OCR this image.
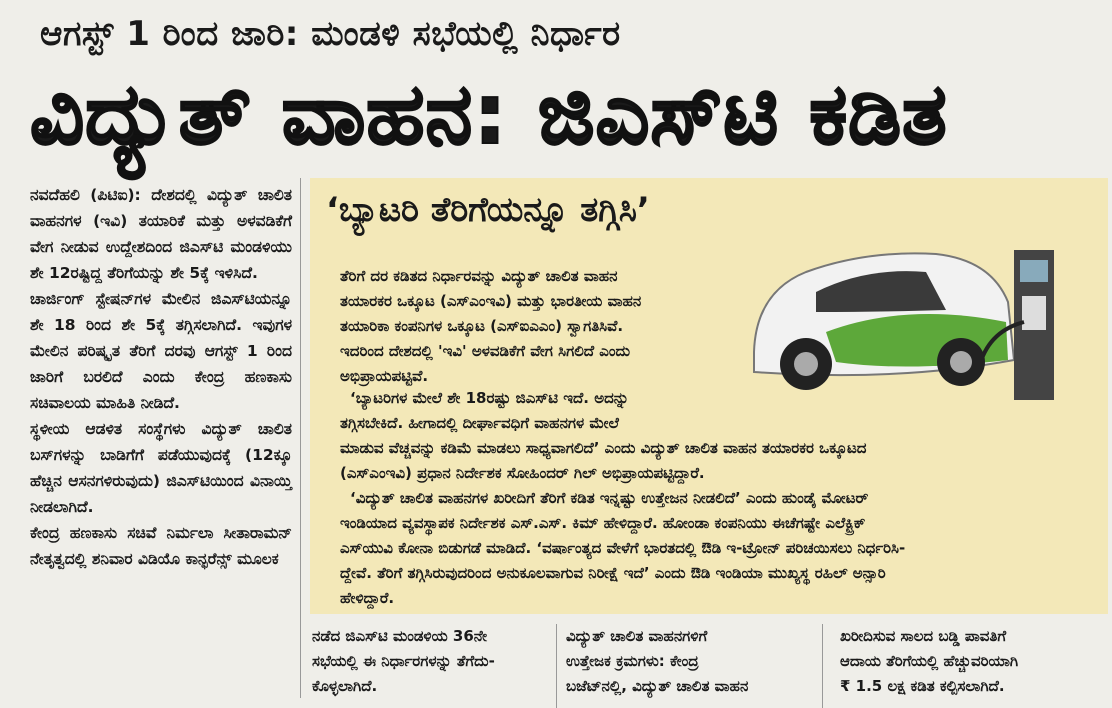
ಆಗಸ್ಟ್ 1 ರಿಂದ ಜಾರಿ: ಮಂಡಳಿ ಸಭೆಯಲ್ಲಿ ನಿರ್ಧಾರ
ವಿದ್ಯುತ್ ವಾಹನ: ಜಿಎಸ್‌ಟಿ ಕಡಿತ

ನವದೆಹಲಿ (ಪಿಟಿಐ): ದೇಶದಲ್ಲಿ ವಿದ್ಯುತ್ ಚಾಲಿತ ವಾಹನಗಳ (ಇವಿ) ತಯಾರಿಕೆ ಮತ್ತು ಅಳವಡಿಕೆಗೆ ವೇಗ ನೀಡುವ ಉದ್ದೇಶದಿಂದ ಜಿಎಸ್‌ಟಿ ಮಂಡಳಿಯು ಶೇ 12ರಷ್ಟಿದ್ದ ತೆರಿಗೆಯನ್ನು ಶೇ 5ಕ್ಕೆ ಇಳಿಸಿದೆ.

ಚಾರ್ಜಿಂಗ್ ಸ್ಟೇಷನ್‌ಗಳ ಮೇಲಿನ ಜಿಎಸ್‌ಟಿಯನ್ನೂ ಶೇ 18 ರಿಂದ ಶೇ 5ಕ್ಕೆ ತಗ್ಗಿಸಲಾಗಿದೆ. ಇವುಗಳ ಮೇಲಿನ ಪರಿಷ್ಕೃತ ತೆರಿಗೆ ದರವು ಆಗಸ್ಟ್ 1 ರಿಂದ ಜಾರಿಗೆ ಬರಲಿದೆ ಎಂದು ಕೇಂದ್ರ ಹಣಕಾಸು ಸಚಿವಾಲಯ ಮಾಹಿತಿ ನೀಡಿದೆ.

ಸ್ಥಳೀಯ ಆಡಳಿತ ಸಂಸ್ಥೆಗಳು ವಿದ್ಯುತ್ ಚಾಲಿತ ಬಸ್‌ಗಳನ್ನು ಬಾಡಿಗೆಗೆ ಪಡೆಯುವುದಕ್ಕೆ (12ಕ್ಕೂ ಹೆಚ್ಚಿನ ಆಸನಗಳಿರುವುದು) ಜಿಎಸ್‌ಟಿಯಿಂದ ವಿನಾಯ್ತಿ ನೀಡಲಾಗಿದೆ.

ಕೇಂದ್ರ ಹಣಕಾಸು ಸಚಿವೆ ನಿರ್ಮಲಾ ಸೀತಾರಾಮನ್ ನೇತೃತ್ವದಲ್ಲಿ ಶನಿವಾರ ವಿಡಿಯೊ ಕಾನ್ಫರೆನ್ಸ್ ಮೂಲಕ

‘ಬ್ಯಾಟರಿ ತೆರಿಗೆಯನ್ನೂ ತಗ್ಗಿಸಿ’
ತೆರಿಗೆ ದರ ಕಡಿತದ ನಿರ್ಧಾರವನ್ನು ವಿದ್ಯುತ್ ಚಾಲಿತ ವಾಹನ
ತಯಾರಕರ ಒಕ್ಕೂಟ (ಎಸ್‌ಎಂಇವಿ) ಮತ್ತು ಭಾರತೀಯ ವಾಹನ
ತಯಾರಿಕಾ ಕಂಪನಿಗಳ ಒಕ್ಕೂಟ (ಎಸ್‌ಐಎಎಂ) ಸ್ವಾಗತಿಸಿವೆ.
ಇದರಿಂದ ದೇಶದಲ್ಲಿ 'ಇವಿ' ಅಳವಡಿಕೆಗೆ ವೇಗ ಸಿಗಲಿದೆ ಎಂದು
ಅಭಿಪ್ರಾಯಪಟ್ಟಿವೆ.
‘ಬ್ಯಾಟರಿಗಳ ಮೇಲೆ ಶೇ 18ರಷ್ಟು ಜಿಎಸ್‌ಟಿ ಇದೆ. ಅದನ್ನು
ತಗ್ಗಿಸಬೇಕಿದೆ. ಹೀಗಾದಲ್ಲಿ ದೀರ್ಘಾವಧಿಗೆ ವಾಹನಗಳ ಮೇಲೆ
ಮಾಡುವ ವೆಚ್ಚವನ್ನು ಕಡಿಮೆ ಮಾಡಲು ಸಾಧ್ಯವಾಗಲಿದೆ’ ಎಂದು ವಿದ್ಯುತ್ ಚಾಲಿತ ವಾಹನ ತಯಾರಕರ ಒಕ್ಕೂಟದ
(ಎಸ್‌ಎಂಇವಿ) ಪ್ರಧಾನ ನಿರ್ದೇಶಕ ಸೋಹಿಂದರ್ ಗಿಲ್ ಅಭಿಪ್ರಾಯಪಟ್ಟಿದ್ದಾರೆ.
‘ವಿದ್ಯುತ್ ಚಾಲಿತ ವಾಹನಗಳ ಖರೀದಿಗೆ ತೆರಿಗೆ ಕಡಿತ ಇನ್ನಷ್ಟು ಉತ್ತೇಜನ ನೀಡಲಿದೆ’ ಎಂದು ಹುಂಡೈ ಮೋಟರ್
ಇಂಡಿಯಾದ ವ್ಯವಸ್ಥಾಪಕ ನಿರ್ದೇಶಕ ಎಸ್.ಎಸ್. ಕಿಮ್ ಹೇಳಿದ್ದಾರೆ. ಹೋಂಡಾ ಕಂಪನಿಯು ಈಚೆಗಷ್ಟೇ ಎಲೆಕ್ಟ್ರಿಕ್
ಎಸ್‌ಯುವಿ ಕೋನಾ ಬಿಡುಗಡೆ ಮಾಡಿದೆ. ‘ವರ್ಷಾಂತ್ಯದ ವೇಳೆಗೆ ಭಾರತದಲ್ಲಿ ಔಡಿ ಇ-ಟ್ರೋನ್ ಪರಿಚಯಿಸಲು ನಿರ್ಧರಿಸಿ-
ದ್ದೇವೆ. ತೆರಿಗೆ ತಗ್ಗಿಸಿರುವುದರಿಂದ ಅನುಕೂಲವಾಗುವ ನಿರೀಕ್ಷೆ ಇದೆ’ ಎಂದು ಔಡಿ ಇಂಡಿಯಾ ಮುಖ್ಯಸ್ಥ ರಹಿಲ್ ಅನ್ಸಾರಿ
ಹೇಳಿದ್ದಾರೆ.
ನಡೆದ ಜಿಎಸ್‌ಟಿ ಮಂಡಳಿಯ 36ನೇ
ಸಭೆಯಲ್ಲಿ ಈ ನಿರ್ಧಾರಗಳನ್ನು ತೆಗೆದು-
ಕೊಳ್ಳಲಾಗಿದೆ.
ವಿದ್ಯುತ್ ಚಾಲಿತ ವಾಹನಗಳಿಗೆ
ಉತ್ತೇಜಕ ಕ್ರಮಗಳು: ಕೇಂದ್ರ
ಬಜೆಟ್‌ನಲ್ಲಿ, ವಿದ್ಯುತ್ ಚಾಲಿತ ವಾಹನ
ಖರೀದಿಸುವ ಸಾಲದ ಬಡ್ಡಿ ಪಾವತಿಗೆ
ಆದಾಯ ತೆರಿಗೆಯಲ್ಲಿ ಹೆಚ್ಚುವರಿಯಾಗಿ
₹ 1.5 ಲಕ್ಷ ಕಡಿತ ಕಲ್ಪಿಸಲಾಗಿದೆ.
